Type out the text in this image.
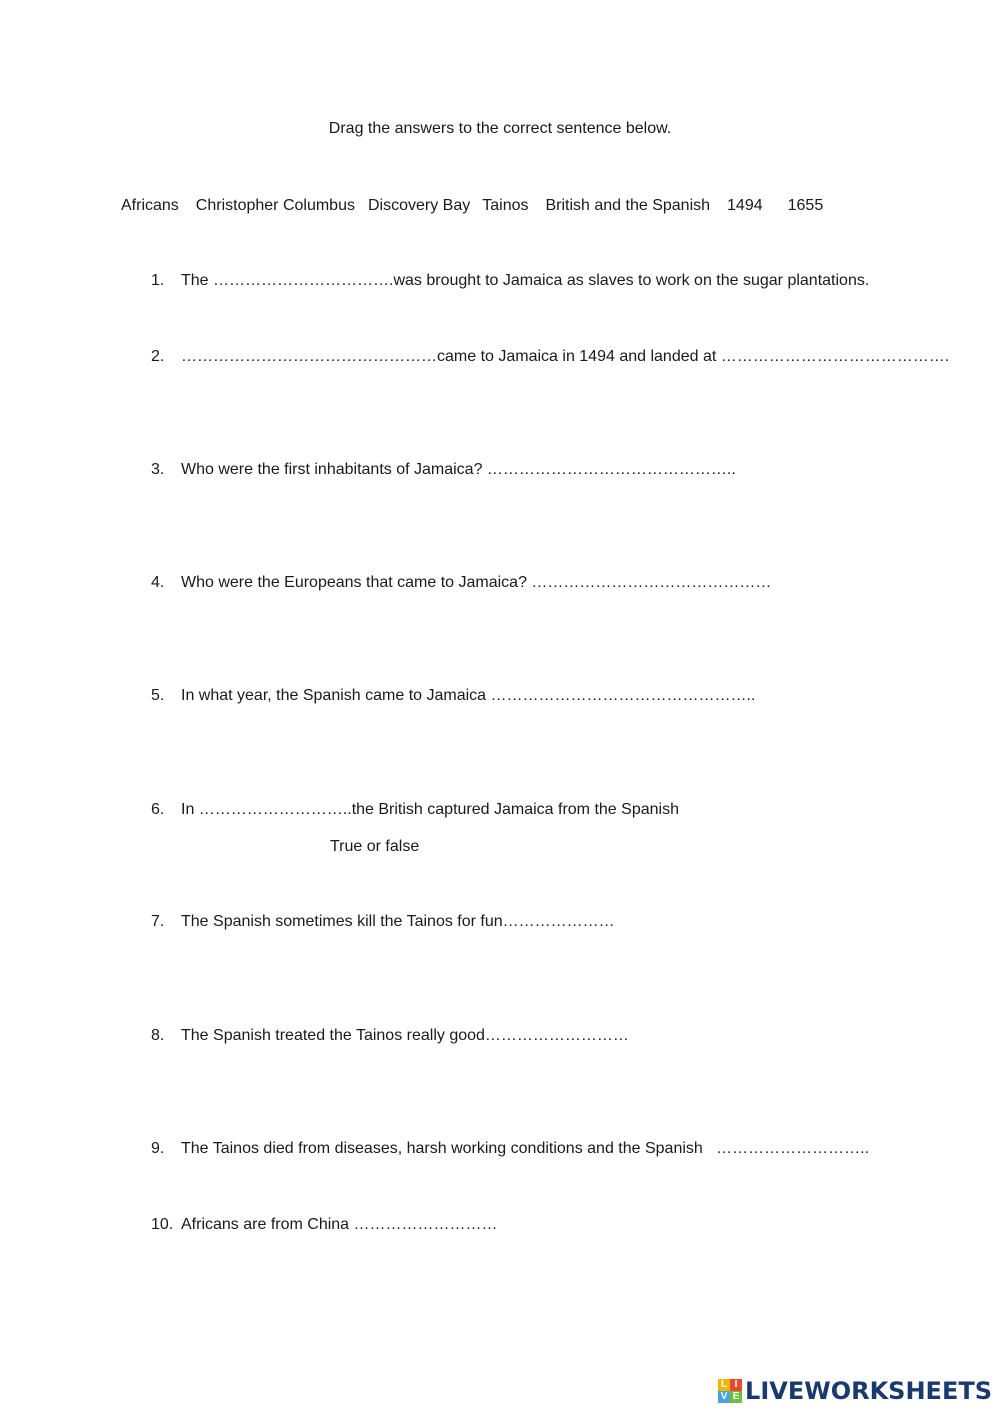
Drag the answers to the correct sentence below.
Africans Christopher Columbus Discovery Bay Tainos British and the Spanish 1494 1655
1. The …………………………….was brought to Jamaica as slaves to work on the sugar plantations.
2. …………………………………………came to Jamaica in 1494 and landed at …………………………………….
3. Who were the first inhabitants of Jamaica? ………………………………………..
4. Who were the Europeans that came to Jamaica? ………………………………………
5. In what year, the Spanish came to Jamaica …………………………………………..
6. In ………………………..the British captured Jamaica from the Spanish
True or false
7. The Spanish sometimes kill the Tainos for fun…………………
8. The Spanish treated the Tainos really good………………………
9. The Tainos died from diseases, harsh working conditions and the Spanish   ………………………..
10. Africans are from China ………………………
L I
V E LIVEWORKSHEETS
